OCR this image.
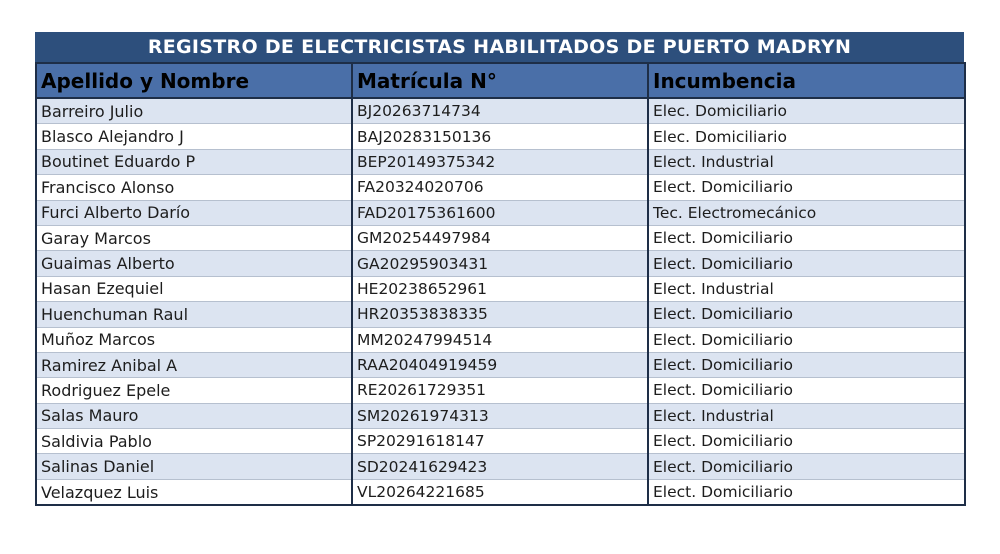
REGISTRO DE ELECTRICISTAS HABILITADOS DE PUERTO MADRYN
Apellido y Nombre	Matrícula N°	Incumbencia
Barreiro Julio	BJ20263714734	Elec. Domiciliario
Blasco Alejandro J	BAJ20283150136	Elec. Domiciliario
Boutinet Eduardo P	BEP20149375342	Elect. Industrial
Francisco Alonso	FA20324020706	Elect. Domiciliario
Furci Alberto Darío	FAD20175361600	Tec. Electromecánico
Garay Marcos	GM20254497984	Elect. Domiciliario
Guaimas Alberto	GA20295903431	Elect. Domiciliario
Hasan Ezequiel	HE20238652961	Elect. Industrial
Huenchuman Raul	HR20353838335	Elect. Domiciliario
Muñoz Marcos	MM20247994514	Elect. Domiciliario
Ramirez Anibal A	RAA20404919459	Elect. Domiciliario
Rodriguez Epele	RE20261729351	Elect. Domiciliario
Salas Mauro	SM20261974313	Elect. Industrial
Saldivia Pablo	SP20291618147	Elect. Domiciliario
Salinas Daniel	SD20241629423	Elect. Domiciliario
Velazquez Luis	VL20264221685	Elect. Domiciliario
